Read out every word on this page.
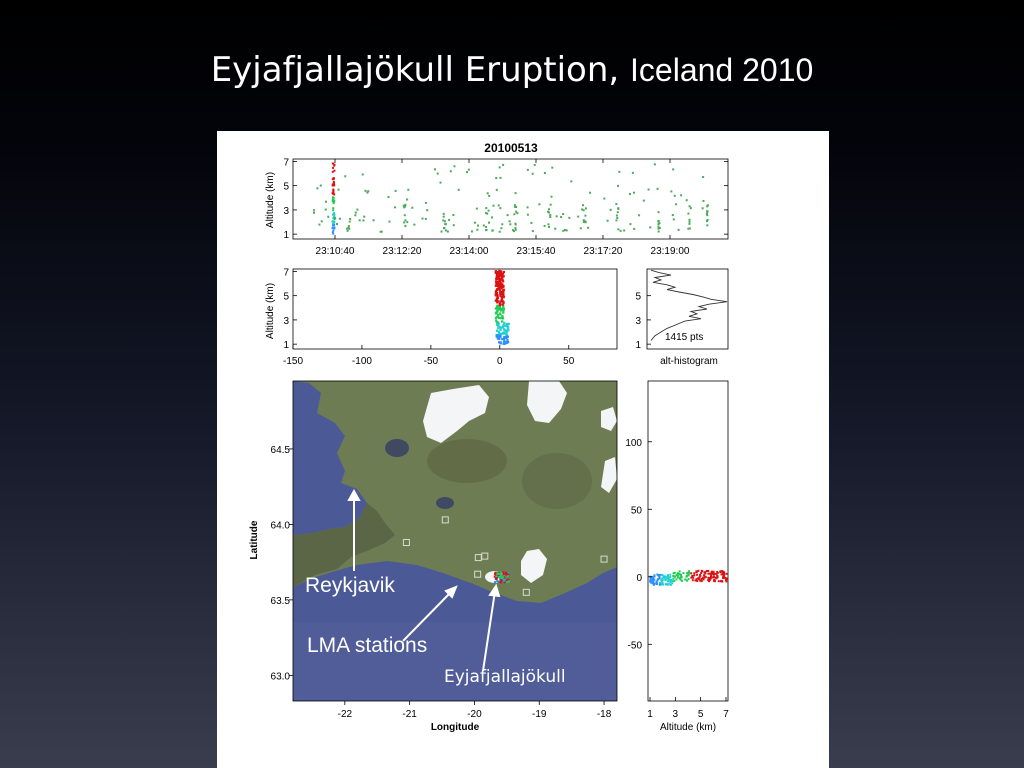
Eyjafjallajökull Eruption, Iceland 2010
20100513
1
3
5
7
23:10:40	23:12:20	23:14:00	23:15:40	23:17:20	23:19:00
Altitude (km)
-150	-100	-50	0	50
1
3
5
7
Altitude (km)
1
3
5
1415 pts
alt-histogram
-22	-21	-20	-19	-18
63.0
63.5
64.0
64.5
Longitude
Latitude
-50
0
50
100
1 3 5 7
Altitude (km)
Reykjavik
LMA stations
Eyjafjallajökull
